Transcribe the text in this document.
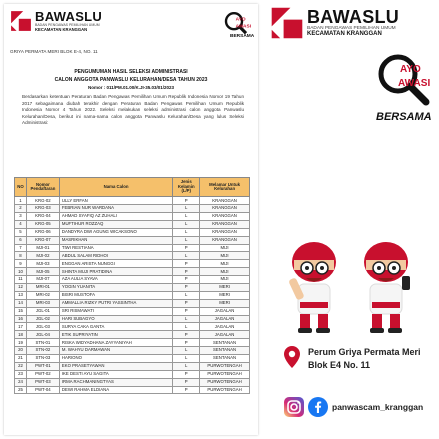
BAWASLU
BADAN PENGAWAS PEMILIHAN UMUM
KECAMATAN KRANGGAN
AYO
AWASI
BERSAMA
GRIYA PERMATA MERI BLOK E-4, NO. 11
PENGUMUMAN HASIL SELEKSI ADMINISTRASI
CALON ANGGOTA PANWASLU KELURAHAN/DESA TAHUN 2023
Nomor : 011/PM.01.00/K.JI-35.03/01/2023
Berdasarkan ketentuan Peraturan Badan Pengawas Pemilihan Umum Republik Indonesia Nomor 19 Tahun 2017 sebagaimana diubah terakhir dengan Peraturan Badan Pengawas Pemilihan Umum Republik Indonesia Nomor 4 Tahun 2022. Seleksi melakukan seleksi administrasi calon anggota Panwaslu Kelurahan/Desa, berikut ini nama-nama calon anggota Panwaslu Kelurahan/Desa yang lulus Seleksi Administrasi:
NO	Nomor Pendaftaran	Nama Calon	Jenis Kelamin (L/P)	Melamar Untuk Kelurahan
1	KRG-02	ULLY ERFAN	P	KRANGGAN
2	KRG-03	FEBRIAN NUR WARDANA	L	KRANGGAN
3	KRG-04	AHMAD SYAFIQ AZ ZUHALI	L	KRANGGAN
4	KRG-05	MUFTIHUR ROZZAQ	L	KRANGGAN
5	KRG-06	DANDYRA DWI AGUNG WICAKSONO	L	KRANGGAN
6	KRG-07	MASRIKHAN	L	KRANGGAN
7	MJI-01	TIWI RESTIANA	P	MIJI
8	MJI-02	ABDUL SALAM RIDHOI	L	MIJI
9	MJI-03	ENGGAN ARISTA NUNGGI	P	MIJI
10	MJI-05	SHINTA MUJI PRATIDINA	P	MIJI
11	MJI-07	AZA AULIA SYAVA	P	MIJI
12	MRI-01	YOGIN YUANITA	P	MERI
13	MRI-02	BISRI MUSTOFA	L	MERI
14	MRI-03	AMMALLIA RIZKY PUTRI YASSINTHA	P	MERI
15	JGL-01	SRI RISMAWATI	P	JAGALAN
16	JGL-02	HARI SUBAGYO	L	JAGALAN
17	JGL-03	SURYA CAKA GANTA	L	JAGALAN
18	JGL-04	ETIK SUPRIYATIN	P	JAGALAN
19	STN-01	RISKA WIDYADHANA ZAYYANIYAH	P	SENTANAN
20	STN-02	M. WAHYU DARMAWAN	L	SENTANAN
21	STN-03	HARIONO	L	SENTANAN
22	PWT-01	EKO PRASETYAWAN	L	PURWOTENGAH
23	PWT-02	IKE DESTI AYU SAGITA	P	PURWOTENGAH
24	PWT-03	IRMA RACHMANINGTYAS	P	PURWOTENGAH
25	PWT-04	DEWI RAHMA ELDIANA	P	PURWOTENGAH
BAWASLU
BADAN PENGAWAS PEMILIHAN UMUM
KECAMATAN KRANGGAN
AYO
AWASI
BERSAMA
Perum Griya Permata Meri
Blok E4 No. 11
panwascam_kranggan
